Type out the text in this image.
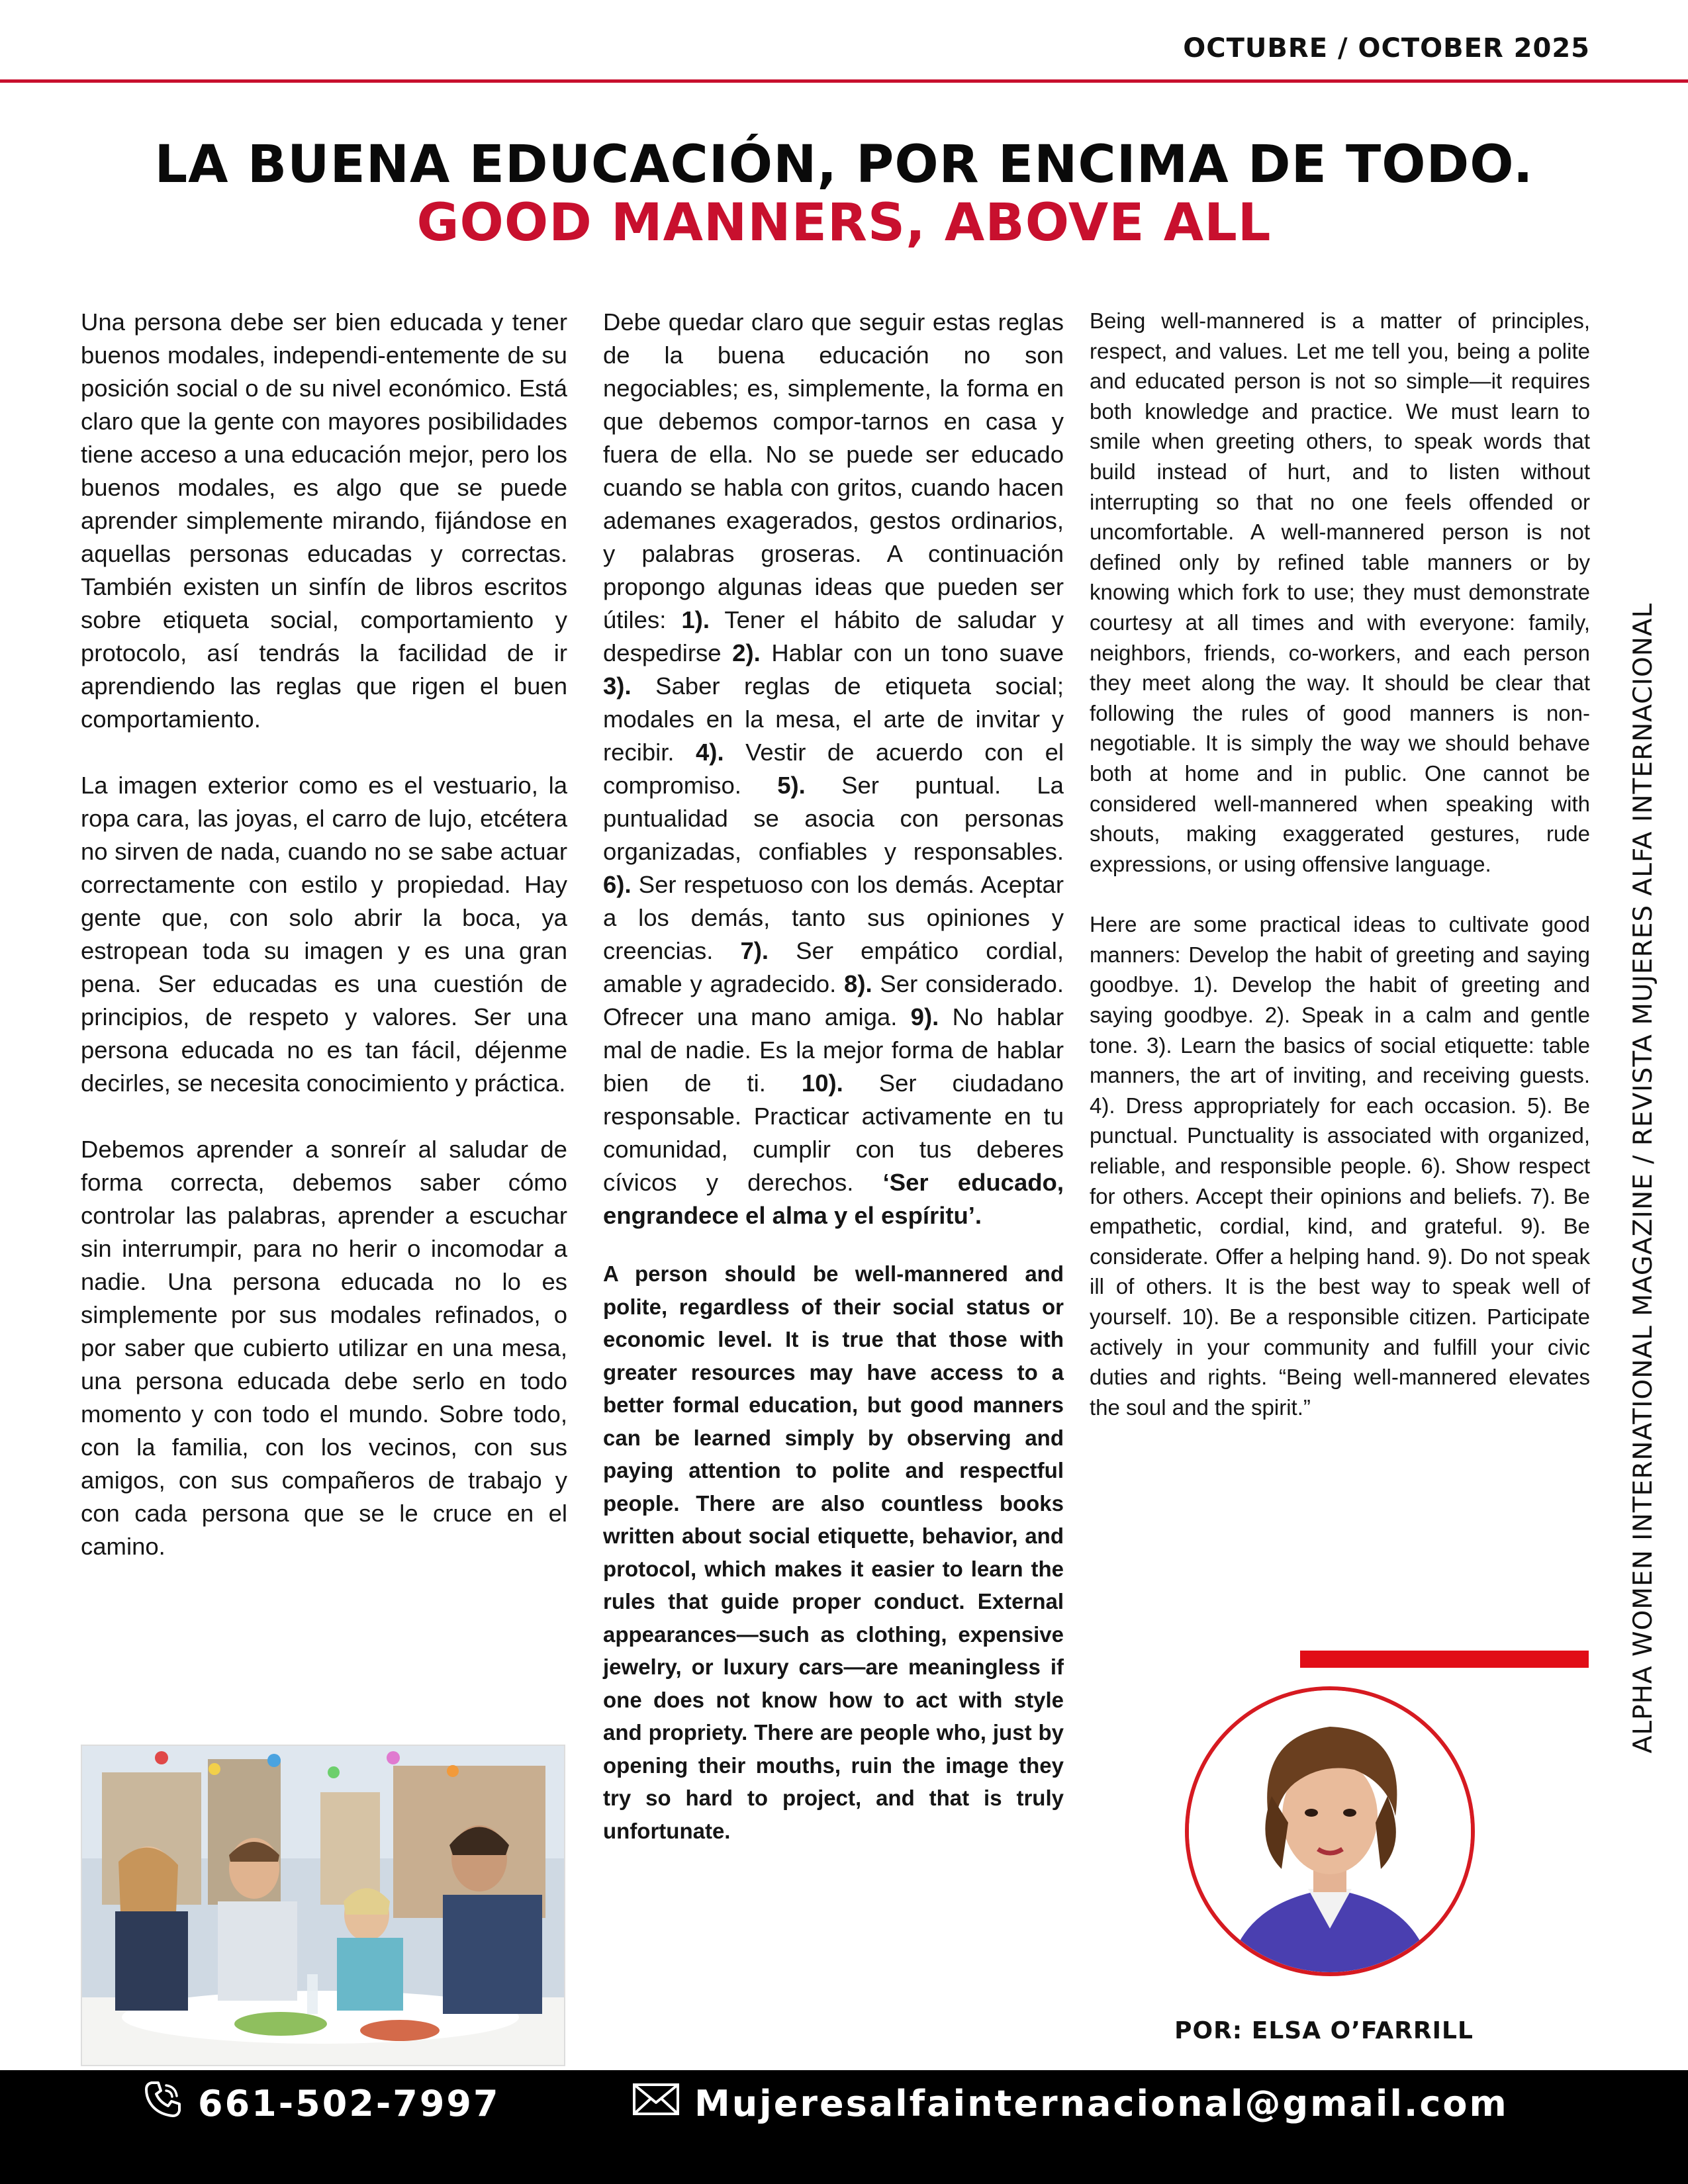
OCTUBRE / OCTOBER 2025
LA BUENA EDUCACIÓN, POR ENCIMA DE TODO.
GOOD MANNERS, ABOVE ALL

Una persona debe ser bien educada y tener buenos modales, independi-entemente de su posición social o de su nivel económico. Está claro que la gente con mayores posibilidades tiene acceso a una educación mejor, pero los buenos modales, es algo que se puede aprender simplemente mirando, fijándose en aquellas personas educadas y correctas. También existen un sinfín de libros escritos sobre etiqueta social, comportamiento y protocolo, así tendrás la facilidad de ir aprendiendo las reglas que rigen el buen comportamiento.

La imagen exterior como es el vestuario, la ropa cara, las joyas, el carro de lujo, etcétera no sirven de nada, cuando no se sabe actuar correctamente con estilo y propiedad. Hay gente que, con solo abrir la boca, ya estropean toda su imagen y es una gran pena. Ser educadas es una cuestión de principios, de respeto y valores. Ser una persona educada no es tan fácil, déjenme decirles, se necesita conocimiento y práctica.

Debemos aprender a sonreír al saludar de forma correcta, debemos saber cómo controlar las palabras, aprender a escuchar sin interrumpir, para no herir o incomodar a nadie. Una persona educada no lo es simplemente por sus modales refinados, o por saber que cubierto utilizar en una mesa, una persona educada debe serlo en todo momento y con todo el mundo. Sobre todo, con la familia, con los vecinos, con sus amigos, con sus compañeros de trabajo y con cada persona que se le cruce en el camino.

Debe quedar claro que seguir estas reglas de la buena educación no son negociables; es, simplemente, la forma en que debemos compor-tarnos en casa y fuera de ella. No se puede ser educado cuando se habla con gritos, cuando hacen ademanes exagerados, gestos ordinarios, y palabras groseras. A continuación propongo algunas ideas que pueden ser útiles: 1). Tener el hábito de saludar y despedirse 2). Hablar con un tono suave 3). Saber reglas de etiqueta social; modales en la mesa, el arte de invitar y recibir. 4). Vestir de acuerdo con el compromiso. 5). Ser puntual. La puntualidad se asocia con personas organizadas, confiables y responsables. 6). Ser respetuoso con los demás. Aceptar a los demás, tanto sus opiniones y creencias. 7). Ser empático cordial, amable y agradecido. 8). Ser considerado. Ofrecer una mano amiga. 9). No hablar mal de nadie. Es la mejor forma de hablar bien de ti. 10). Ser ciudadano responsable. Practicar activamente en tu comunidad, cumplir con tus deberes cívicos y derechos. ‘Ser educado, engrandece el alma y el espíritu’.

A person should be well-mannered and polite, regardless of their social status or economic level. It is true that those with greater resources may have access to a better formal education, but good manners can be learned simply by observing and paying attention to polite and respectful people. There are also countless books written about social etiquette, behavior, and protocol, which makes it easier to learn the rules that guide proper conduct. External appearances—such as clothing, expensive jewelry, or luxury cars—are meaningless if one does not know how to act with style and propriety. There are people who, just by opening their mouths, ruin the image they try so hard to project, and that is truly unfortunate.

Being well-mannered is a matter of principles, respect, and values. Let me tell you, being a polite and educated person is not so simple—it requires both knowledge and practice. We must learn to smile when greeting others, to speak words that build instead of hurt, and to listen without interrupting so that no one feels offended or uncomfortable. A well-mannered person is not defined only by refined table manners or by knowing which fork to use; they must demonstrate courtesy at all times and with everyone: family, neighbors, friends, co-workers, and each person they meet along the way. It should be clear that following the rules of good manners is non-negotiable. It is simply the way we should behave both at home and in public. One cannot be considered well-mannered when speaking with shouts, making exaggerated gestures, rude expressions, or using offensive language.

Here are some practical ideas to cultivate good manners: Develop the habit of greeting and saying goodbye. 1). Develop the habit of greeting and saying goodbye. 2). Speak in a calm and gentle tone. 3). Learn the basics of social etiquette: table manners, the art of inviting, and receiving guests. 4). Dress appropriately for each occasion. 5). Be punctual. Punctuality is associated with organized, reliable, and responsible people. 6). Show respect for others. Accept their opinions and beliefs. 7). Be empathetic, cordial, kind, and grateful. 9). Be considerate. Offer a helping hand. 9). Do not speak ill of others. It is the best way to speak well of yourself. 10). Be a responsible citizen. Participate actively in your community and fulfill your civic duties and rights. “Being well-mannered elevates the soul and the spirit.”	ALPHA WOMEN INTERNATIONAL MAGAZINE / REVISTA MUJERES ALFA INTERNACIONAL
POR: ELSA O’FARRILL
661-502-7997	Mujeresalfainternacional@gmail.com
